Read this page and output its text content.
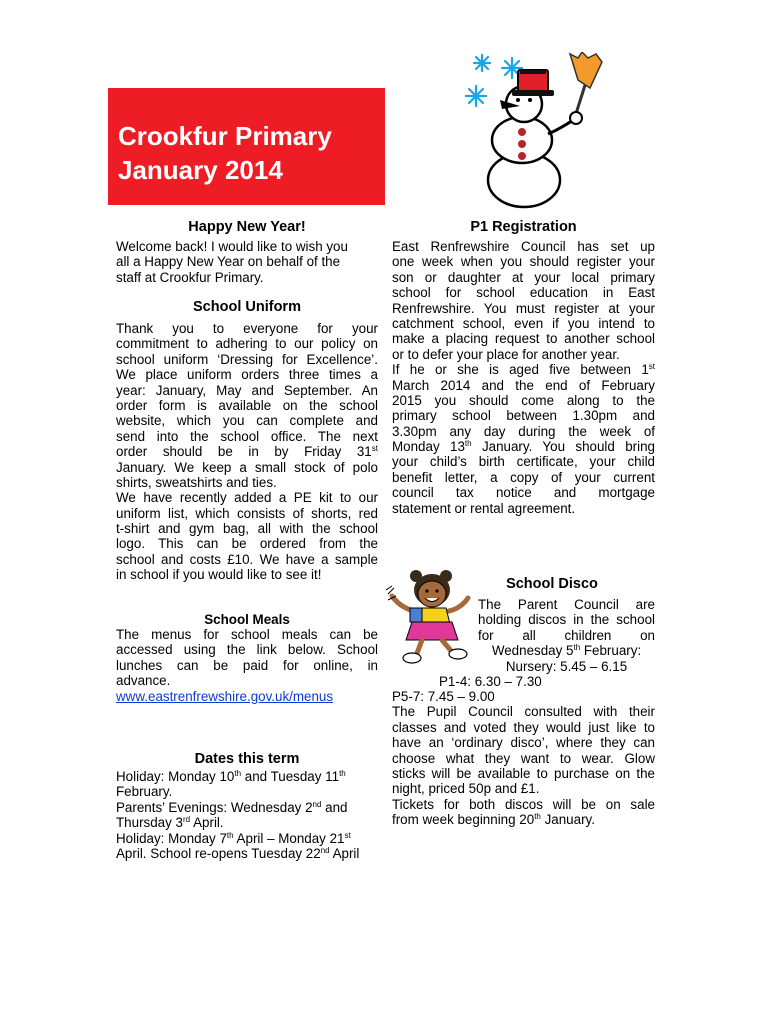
Crookfur Primary
January 2014
Happy New Year!
Welcome back! I would like to wish you
all a Happy New Year on behalf of the
staff at Crookfur Primary.
School Uniform
Thank you to everyone for your
commitment to adhering to our policy on
school uniform ‘Dressing for Excellence’.
We place uniform orders three times a
year: January, May and September. An
order form is available on the school
website, which you can complete and
send into the school office. The next
order should be in by Friday 31st
January. We keep a small stock of polo
shirts, sweatshirts and ties.
We have recently added a PE kit to our
uniform list, which consists of shorts, red
t-shirt and gym bag, all with the school
logo. This can be ordered from the
school and costs £10. We have a sample
in school if you would like to see it!
School Meals
The menus for school meals can be
accessed using the link below. School
lunches can be paid for online, in
advance.
www.eastrenfrewshire.gov.uk/menus
Dates this term
Holiday: Monday 10th and Tuesday 11th
February.
Parents’ Evenings: Wednesday 2nd and
Thursday 3rd April.
Holiday: Monday 7th April – Monday 21st
April. School re-opens Tuesday 22nd April
P1 Registration
East Renfrewshire Council has set up
one week when you should register your
son or daughter at your local primary
school for school education in East
Renfrewshire. You must register at your
catchment school, even if you intend to
make a placing request to another school
or to defer your place for another year.
If he or she is aged five between 1st
March 2014 and the end of February
2015 you should come along to the
primary school between 1.30pm and
3.30pm any day during the week of
Monday 13th January. You should bring
your child’s birth certificate, your child
benefit letter, a copy of your current
council tax notice and mortgage
statement or rental agreement.
School Disco
The Parent Council are
holding discos in the school
for all children on
Wednesday 5th February:
Nursery: 5.45 – 6.15
P1-4: 6.30 – 7.30
P5-7: 7.45 – 9.00
The Pupil Council consulted with their
classes and voted they would just like to
have an ‘ordinary disco’, where they can
choose what they want to wear. Glow
sticks will be available to purchase on the
night, priced 50p and £1.
Tickets for both discos will be on sale
from week beginning 20th January.
